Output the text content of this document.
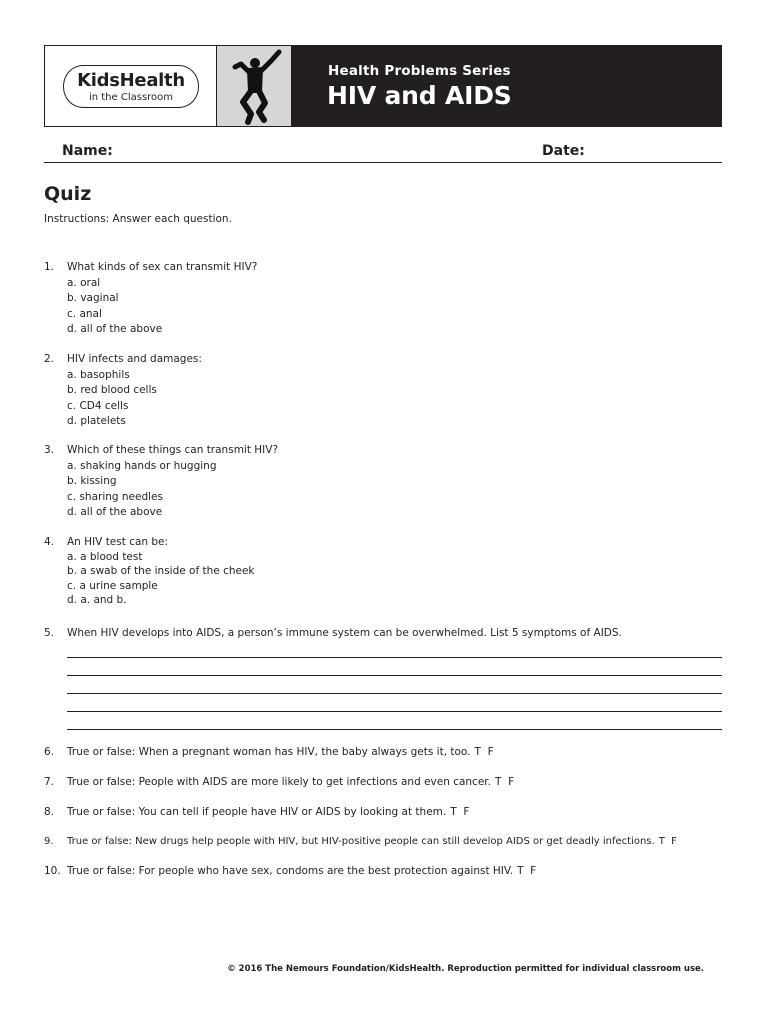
KidsHealth
in the Classroom
Health Problems Series
HIV and AIDS
Name:	Date:
Quiz
Instructions: Answer each question.
1. What kinds of sex can transmit HIV?
a. oral
b. vaginal
c. anal
d. all of the above
2. HIV infects and damages:
a. basophils
b. red blood cells
c. CD4 cells
d. platelets
3. Which of these things can transmit HIV?
a. shaking hands or hugging
b. kissing
c. sharing needles
d. all of the above
4. An HIV test can be:
a. a blood test
b. a swab of the inside of the cheek
c. a urine sample
d. a. and b.
5. When HIV develops into AIDS, a person’s immune system can be overwhelmed. List 5 symptoms of AIDS.
6. True or false: When a pregnant woman has HIV, the baby always gets it, too. T  F
7. True or false: People with AIDS are more likely to get infections and even cancer. T  F
8. True or false: You can tell if people have HIV or AIDS by looking at them. T  F
9. True or false: New drugs help people with HIV, but HIV-positive people can still develop AIDS or get deadly infections. T  F
10. True or false: For people who have sex, condoms are the best protection against HIV. T  F
© 2016 The Nemours Foundation/KidsHealth. Reproduction permitted for individual classroom use.
